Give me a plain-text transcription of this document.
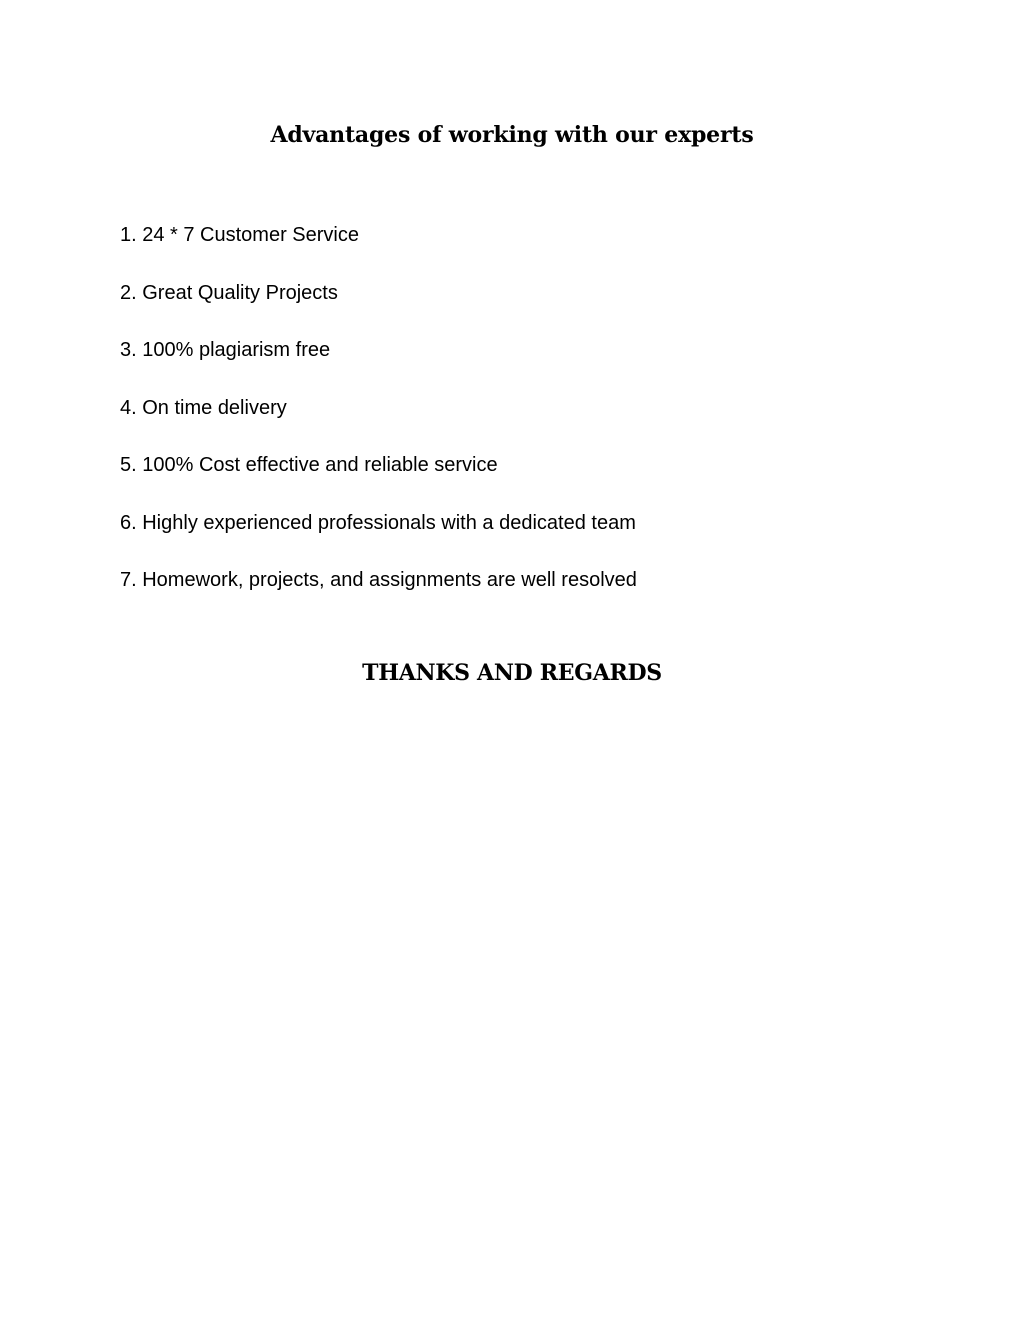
Advantages of working with our experts
1. 24 * 7 Customer Service
2. Great Quality Projects
3. 100% plagiarism free
4. On time delivery
5. 100% Cost effective and reliable service
6. Highly experienced professionals with a dedicated team
7. Homework, projects, and assignments are well resolved
THANKS AND REGARDS
